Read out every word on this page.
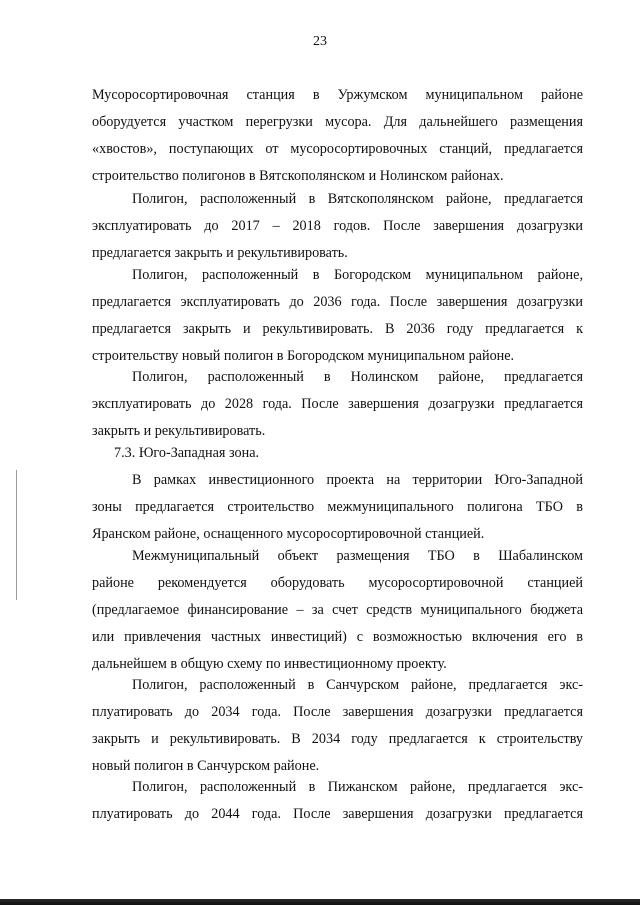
23
Мусоросортировочная станция в Уржумском муниципальном районе
оборудуется участком перегрузки мусора. Для дальнейшего размещения
«хвостов», поступающих от мусоросортировочных станций, предлагается
строительство полигонов в Вятскополянском и Нолинском районах.
Полигон, расположенный в Вятскополянском районе, предлагается
эксплуатировать до 2017 – 2018 годов. После завершения дозагрузки
предлагается закрыть и рекультивировать.
Полигон, расположенный в Богородском муниципальном районе,
предлагается эксплуатировать до 2036 года. После завершения дозагрузки
предлагается закрыть и рекультивировать. В 2036 году предлагается к
строительству новый полигон в Богородском муниципальном районе.
Полигон, расположенный в Нолинском районе, предлагается
эксплуатировать до 2028 года. После завершения дозагрузки предлагается
закрыть и рекультивировать.
7.3. Юго-Западная зона.
В рамках инвестиционного проекта на территории Юго-Западной
зоны предлагается строительство межмуниципального полигона ТБО в
Яранском районе, оснащенного мусоросортировочной станцией.
Межмуниципальный объект размещения ТБО в Шабалинском
районе рекомендуется оборудовать мусоросортировочной станцией
(предлагаемое финансирование – за счет средств муниципального бюджета
или привлечения частных инвестиций) с возможностью включения его в
дальнейшем в общую схему по инвестиционному проекту.
Полигон, расположенный в Санчурском районе, предлагается экс-
плуатировать до 2034 года. После завершения дозагрузки предлагается
закрыть и рекультивировать. В 2034 году предлагается к строительству
новый полигон в Санчурском районе.
Полигон, расположенный в Пижанском районе, предлагается экс-
плуатировать до 2044 года. После завершения дозагрузки предлагается
